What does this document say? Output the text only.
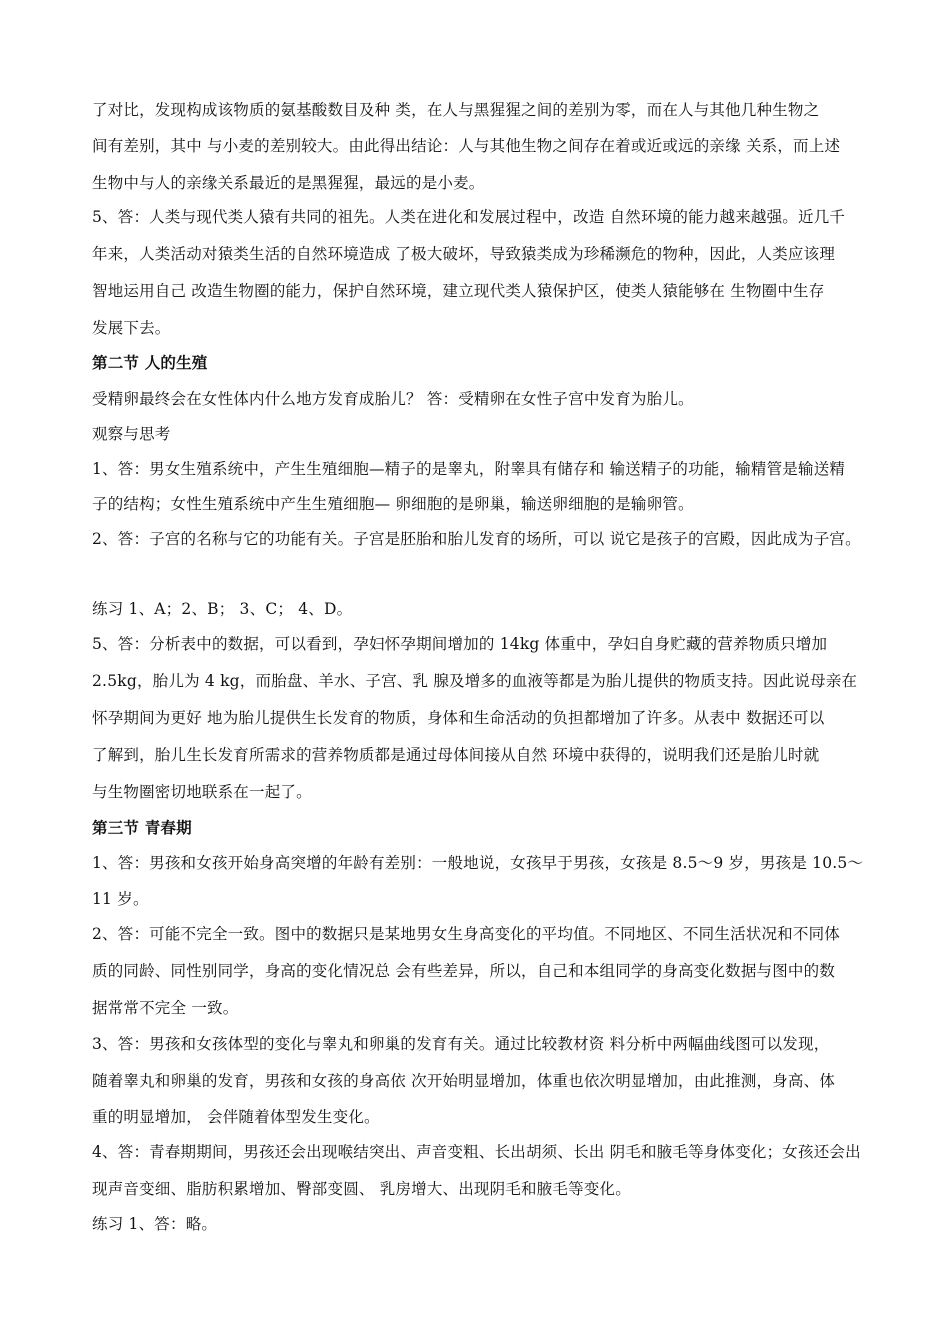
了对比，发现构成该物质的氨基酸数目及种 类，在人与黑猩猩之间的差别为零，而在人与其他几种生物之
间有差别，其中 与小麦的差别较大。由此得出结论：人与其他生物之间存在着或近或远的亲缘 关系，而上述
生物中与人的亲缘关系最近的是黑猩猩，最远的是小麦。
5、答：人类与现代类人猿有共同的祖先。人类在进化和发展过程中，改造 自然环境的能力越来越强。近几千
年来，人类活动对猿类生活的自然环境造成 了极大破坏，导致猿类成为珍稀濒危的物种，因此，人类应该理
智地运用自己 改造生物圈的能力，保护自然环境，建立现代类人猿保护区，使类人猿能够在 生物圈中生存
发展下去。
第二节 人的生殖
受精卵最终会在女性体内什么地方发育成胎儿？ 答：受精卵在女性子宫中发育为胎儿。
观察与思考
1、答：男女生殖系统中，产生生殖细胞—精子的是睾丸，附睾具有储存和 输送精子的功能，输精管是输送精
子的结构；女性生殖系统中产生生殖细胞— 卵细胞的是卵巢，输送卵细胞的是输卵管。
2、答：子宫的名称与它的功能有关。子宫是胚胎和胎儿发育的场所，可以 说它是孩子的宫殿，因此成为子宫。
练习 1、A；2、B； 3、C； 4、D。
5、答：分析表中的数据，可以看到，孕妇怀孕期间增加的 14kg 体重中，孕妇自身贮藏的营养物质只增加
2.5kg，胎儿为 4 kg，而胎盘、羊水、子宫、乳 腺及增多的血液等都是为胎儿提供的物质支持。因此说母亲在
怀孕期间为更好 地为胎儿提供生长发育的物质，身体和生命活动的负担都增加了许多。从表中 数据还可以
了解到，胎儿生长发育所需求的营养物质都是通过母体间接从自然 环境中获得的，说明我们还是胎儿时就
与生物圈密切地联系在一起了。
第三节 青春期
1、答：男孩和女孩开始身高突增的年龄有差别：一般地说，女孩早于男孩，女孩是 8.5～9 岁，男孩是 10.5～
11 岁。
2、答：可能不完全一致。图中的数据只是某地男女生身高变化的平均值。不同地区、不同生活状况和不同体
质的同龄、同性别同学，身高的变化情况总 会有些差异，所以，自己和本组同学的身高变化数据与图中的数
据常常不完全 一致。
3、答：男孩和女孩体型的变化与睾丸和卵巢的发育有关。通过比较教材资 料分析中两幅曲线图可以发现，
随着睾丸和卵巢的发育，男孩和女孩的身高依 次开始明显增加，体重也依次明显增加，由此推测，身高、体
重的明显增加， 会伴随着体型发生变化。
4、答：青春期期间，男孩还会出现喉结突出、声音变粗、长出胡须、长出 阴毛和腋毛等身体变化；女孩还会出
现声音变细、脂肪积累增加、臀部变圆、 乳房增大、出现阴毛和腋毛等变化。
练习 1、答：略。
